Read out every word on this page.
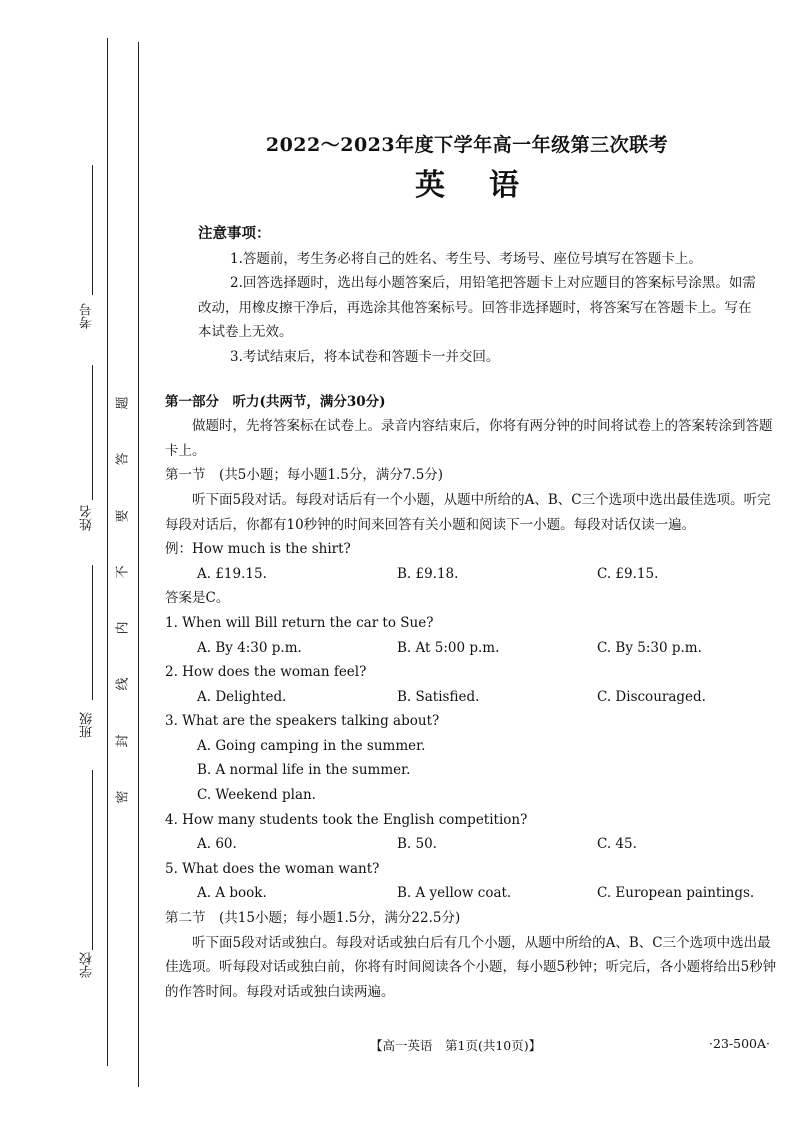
考号
姓名
班级
学校
题
答
要
不
内
线
封
密
2022～2023年度下学年高一年级第三次联考
英语

注意事项：

1.答题前，考生务必将自己的姓名、考生号、考场号、座位号填写在答题卡上。

2.回答选择题时，选出每小题答案后，用铅笔把答题卡上对应题目的答案标号涂黑。如需改动，用橡皮擦干净后，再选涂其他答案标号。回答非选择题时，将答案写在答题卡上。写在本试卷上无效。

3.考试结束后，将本试卷和答题卡一并交回。

第一部分　听力(共两节，满分30分)

做题时，先将答案标在试卷上。录音内容结束后，你将有两分钟的时间将试卷上的答案转涂到答题卡上。

第一节　(共5小题；每小题1.5分，满分7.5分)

听下面5段对话。每段对话后有一个小题，从题中所给的A、B、C三个选项中选出最佳选项。听完每段对话后，你都有10秒钟的时间来回答有关小题和阅读下一小题。每段对话仅读一遍。

例：How much is the shirt?

A. £19.15.	B. £9.18.	C. £9.15.

答案是C。

1. When will Bill return the car to Sue?

A. By 4:30 p.m.	B. At 5:00 p.m.	C. By 5:30 p.m.

2. How does the woman feel?

A. Delighted.	B. Satisfied.	C. Discouraged.

3. What are the speakers talking about?

A. Going camping in the summer.

B. A normal life in the summer.

C. Weekend plan.

4. How many students took the English competition?

A. 60.	B. 50.	C. 45.

5. What does the woman want?

A. A book.	B. A yellow coat.	C. European paintings.

第二节　(共15小题；每小题1.5分，满分22.5分)

听下面5段对话或独白。每段对话或独白后有几个小题，从题中所给的A、B、C三个选项中选出最佳选项。听每段对话或独白前，你将有时间阅读各个小题，每小题5秒钟；听完后，各小题将给出5秒钟的作答时间。每段对话或独白读两遍。

【高一英语　第1页(共10页)】	·23-500A·
